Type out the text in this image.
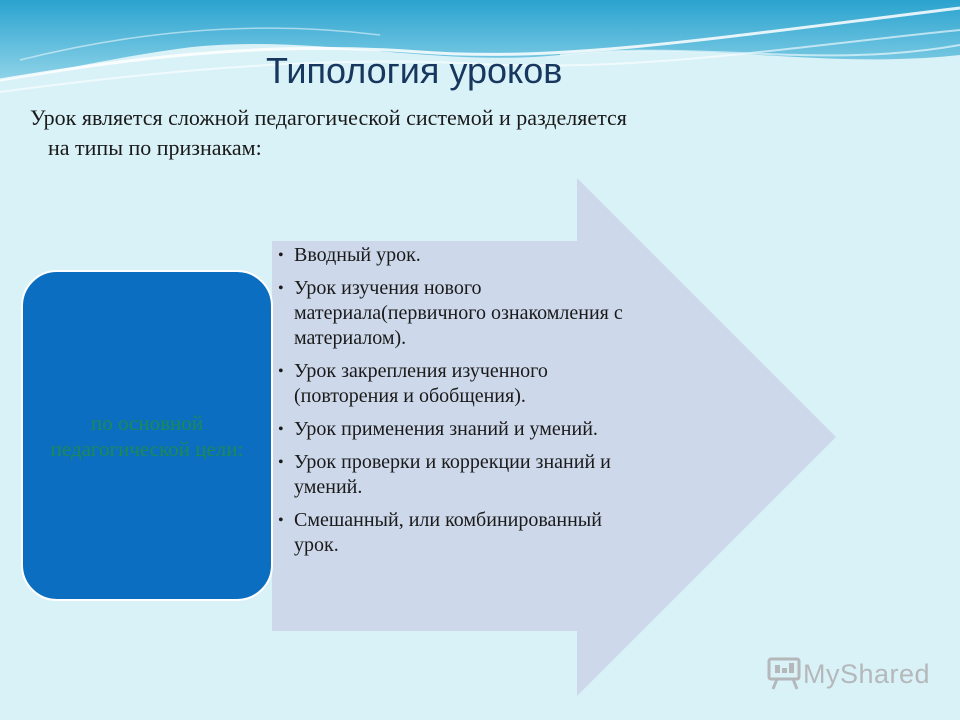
Типология уроков
Урок является сложной педагогической системой и разделяется
на типы по признакам:
по основной педагогической цели:
• Вводный урок.
• Урок изучения нового материала(первичного ознакомления с материалом).
• Урок закрепления изученного (повторения и обобщения).
• Урок применения знаний и умений.
• Урок проверки и коррекции знаний и умений.
• Смешанный, или комбинированный урок.
MyShared
